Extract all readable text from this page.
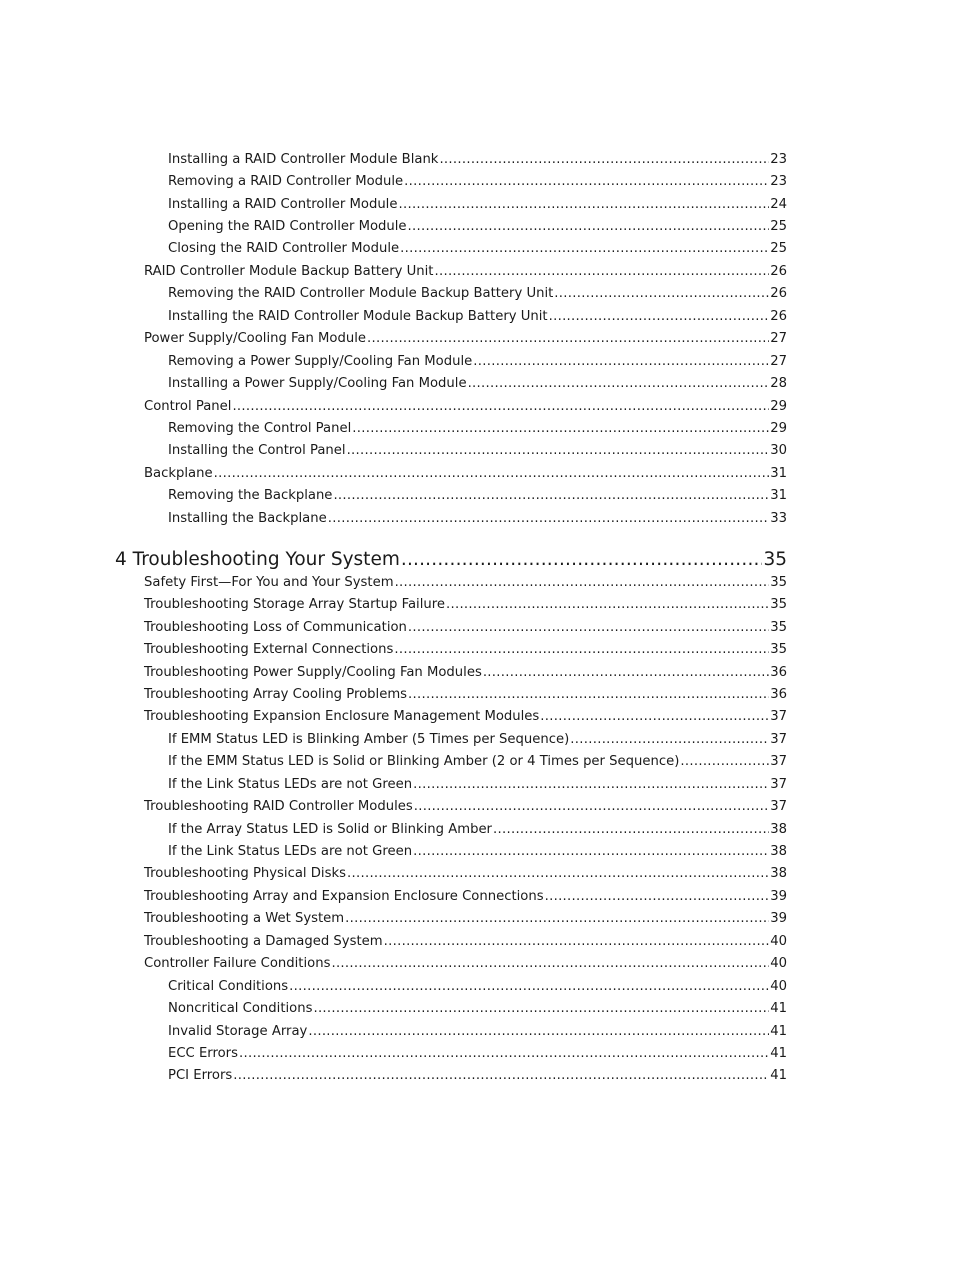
Installing a RAID Controller Module Blank .....	23
Removing a RAID Controller Module .....	23
Installing a RAID Controller Module .....	24
Opening the RAID Controller Module .....	25
Closing the RAID Controller Module .....	25
RAID Controller Module Backup Battery Unit .....	26
Removing the RAID Controller Module Backup Battery Unit .....	26
Installing the RAID Controller Module Backup Battery Unit .....	26
Power Supply/Cooling Fan Module .....	27
Removing a Power Supply/Cooling Fan Module .....	27
Installing a Power Supply/Cooling Fan Module .....	28
Control Panel .....	29
Removing the Control Panel .....	29
Installing the Control Panel .....	30
Backplane .....	31
Removing the Backplane .....	31
Installing the Backplane .....	33
4 Troubleshooting Your System .....	35
Safety First—For You and Your System .....	35
Troubleshooting Storage Array Startup Failure .....	35
Troubleshooting Loss of Communication .....	35
Troubleshooting External Connections .....	35
Troubleshooting Power Supply/Cooling Fan Modules .....	36
Troubleshooting Array Cooling Problems .....	36
Troubleshooting Expansion Enclosure Management Modules .....	37
If EMM Status LED is Blinking Amber (5 Times per Sequence) .....	37
If the EMM Status LED is Solid or Blinking Amber (2 or 4 Times per Sequence) .....	37
If the Link Status LEDs are not Green .....	37
Troubleshooting RAID Controller Modules .....	37
If the Array Status LED is Solid or Blinking Amber .....	38
If the Link Status LEDs are not Green .....	38
Troubleshooting Physical Disks .....	38
Troubleshooting Array and Expansion Enclosure Connections .....	39
Troubleshooting a Wet System .....	39
Troubleshooting a Damaged System .....	40
Controller Failure Conditions .....	40
Critical Conditions .....	40
Noncritical Conditions .....	41
Invalid Storage Array .....	41
ECC Errors .....	41
PCI Errors .....	41
